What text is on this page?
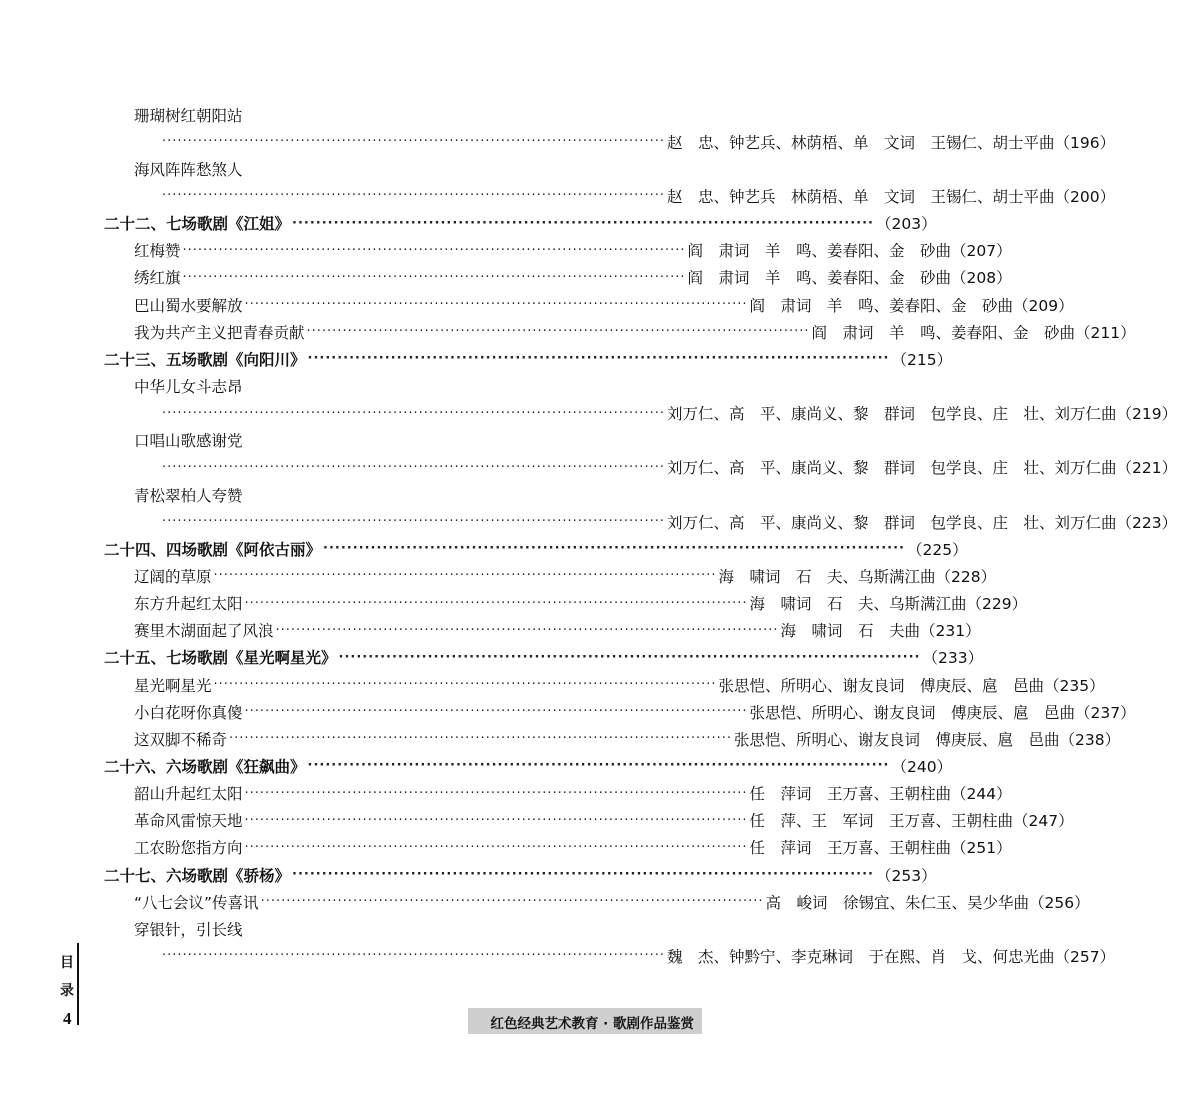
珊瑚树红朝阳站
·································································································· 赵　忠、钟艺兵、林荫梧、单　文词　王锡仁、胡士平曲 （196）
海风阵阵愁煞人
·································································································· 赵　忠、钟艺兵　林荫梧、单　文词　王锡仁、胡士平曲 （200）
二十二、七场歌剧《江姐》 ·································································································· （203）
红梅赞 ·································································································· 阎　肃词　羊　鸣、姜春阳、金　砂曲 （207）
绣红旗 ·································································································· 阎　肃词　羊　鸣、姜春阳、金　砂曲 （208）
巴山蜀水要解放 ·································································································· 阎　肃词　羊　鸣、姜春阳、金　砂曲 （209）
我为共产主义把青春贡献 ·································································································· 阎　肃词　羊　鸣、姜春阳、金　砂曲 （211）
二十三、五场歌剧《向阳川》 ·································································································· （215）
中华儿女斗志昂
·································································································· 刘万仁、高　平、康尚义、黎　群词　包学良、庄　壮、刘万仁曲 （219）
口唱山歌感谢党
·································································································· 刘万仁、高　平、康尚义、黎　群词　包学良、庄　壮、刘万仁曲 （221）
青松翠柏人夸赞
·································································································· 刘万仁、高　平、康尚义、黎　群词　包学良、庄　壮、刘万仁曲 （223）
二十四、四场歌剧《阿依古丽》 ·································································································· （225）
辽阔的草原 ·································································································· 海　啸词　石　夫、乌斯满江曲 （228）
东方升起红太阳 ·································································································· 海　啸词　石　夫、乌斯满江曲 （229）
赛里木湖面起了风浪 ·································································································· 海　啸词　石　夫曲 （231）
二十五、七场歌剧《星光啊星光》 ·································································································· （233）
星光啊星光 ·································································································· 张思恺、所明心、谢友良词　傅庚辰、扈　邑曲 （235）
小白花呀你真傻 ·································································································· 张思恺、所明心、谢友良词　傅庚辰、扈　邑曲 （237）
这双脚不稀奇 ·································································································· 张思恺、所明心、谢友良词　傅庚辰、扈　邑曲 （238）
二十六、六场歌剧《狂飙曲》 ·································································································· （240）
韶山升起红太阳 ·································································································· 任　萍词　王万喜、王朝柱曲 （244）
革命风雷惊天地 ·································································································· 任　萍、王　军词　王万喜、王朝柱曲 （247）
工农盼您指方向 ·································································································· 任　萍词　王万喜、王朝柱曲 （251）
二十七、六场歌剧《骄杨》 ·································································································· （253）
“八七会议”传喜讯 ·································································································· 高　峻词　徐锡宜、朱仁玉、吴少华曲 （256）
穿银针，引长线
·································································································· 魏　杰、钟黔宁、李克琳词　于在熙、肖　戈、何忠光曲 （257）
目录
4	红色经典艺术教育 · 歌剧作品鉴赏
